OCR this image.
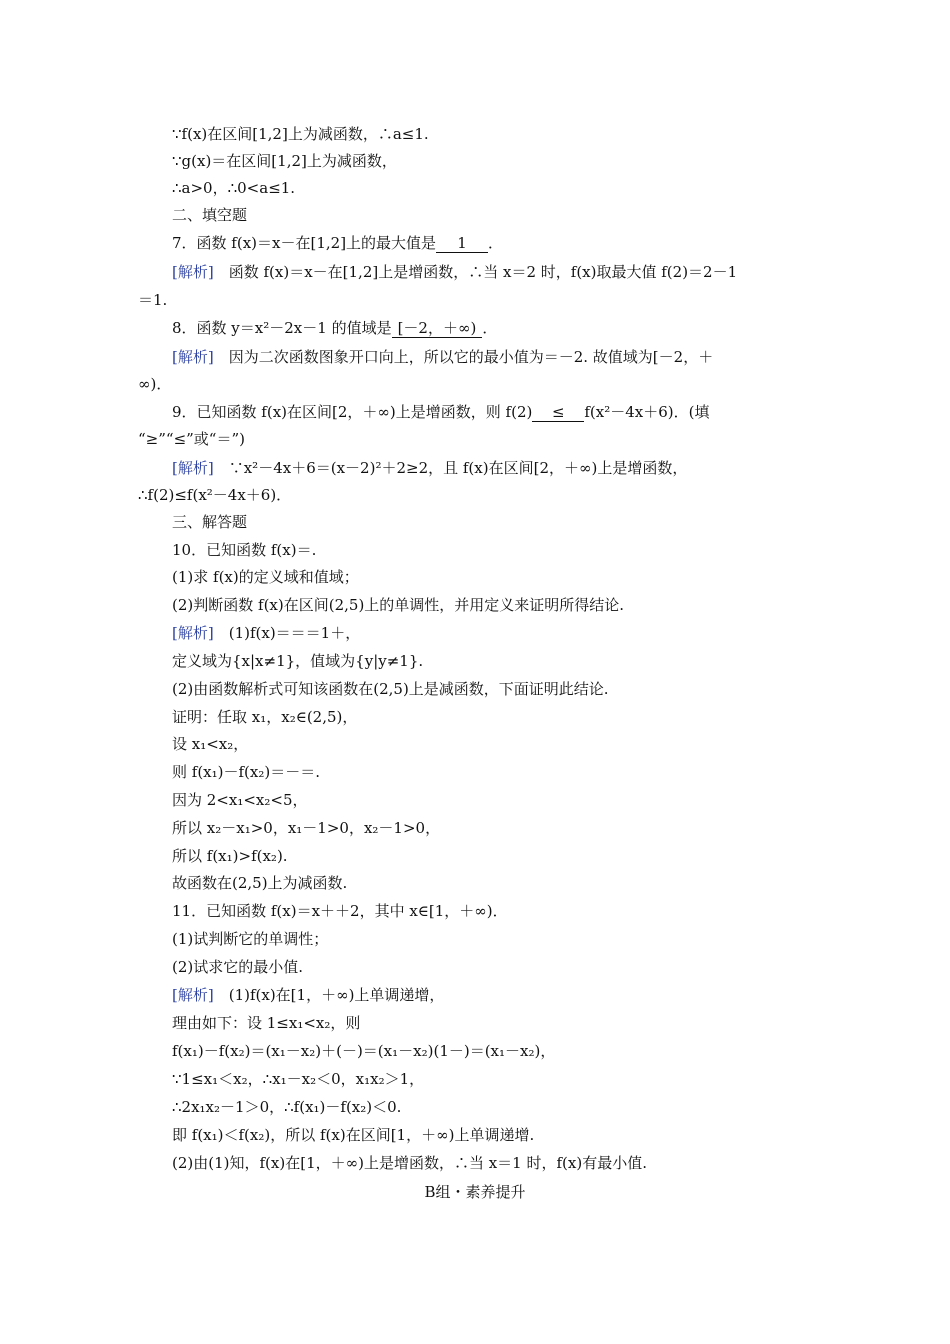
∵f(x)在区间[1,2]上为减函数，∴a≤1.
∵g(x)＝在区间[1,2]上为减函数，
∴a>0，∴0<a≤1.
二、填空题
7．函数 f(x)＝x－在[1,2]上的最大值是 1 ．
[解析]　函数 f(x)＝x－在[1,2]上是增函数，∴当 x＝2 时，f(x)取最大值 f(2)＝2－1
＝1.
8．函数 y＝x²－2x－1 的值域是 [－2，＋∞) ．
[解析]　因为二次函数图象开口向上，所以它的最小值为＝－2. 故值域为[－2，＋
∞)．
9．已知函数 f(x)在区间[2，＋∞)上是增函数，则 f(2) ≤ f(x²－4x＋6)．(填
“≥”“≤”或“＝”)
[解析]　∵x²－4x＋6＝(x－2)²＋2≥2，且 f(x)在区间[2，＋∞)上是增函数，
∴f(2)≤f(x²－4x＋6)．
三、解答题
10．已知函数 f(x)＝.
(1)求 f(x)的定义域和值域；
(2)判断函数 f(x)在区间(2,5)上的单调性，并用定义来证明所得结论.
[解析]　(1)f(x)＝＝＝1＋，
定义域为{x|x≠1}，值域为{y|y≠1}.
(2)由函数解析式可知该函数在(2,5)上是减函数，下面证明此结论.
证明：任取 x₁，x₂∈(2,5)，
设 x₁<x₂，
则 f(x₁)－f(x₂)＝－＝.
因为 2<x₁<x₂<5，
所以 x₂－x₁>0，x₁－1>0，x₂－1>0，
所以 f(x₁)>f(x₂).
故函数在(2,5)上为减函数.
11．已知函数 f(x)＝x＋＋2，其中 x∈[1，＋∞)．
(1)试判断它的单调性；
(2)试求它的最小值.
[解析]　(1)f(x)在[1，＋∞)上单调递增，
理由如下：设 1≤x₁<x₂，则
f(x₁)－f(x₂)＝(x₁－x₂)＋(－)＝(x₁－x₂)(1－)＝(x₁－x₂)，
∵1≤x₁＜x₂，∴x₁－x₂＜0，x₁x₂＞1，
∴2x₁x₂－1＞0，∴f(x₁)－f(x₂)＜0.
即 f(x₁)＜f(x₂)，所以 f(x)在区间[1，＋∞)上单调递增.
(2)由(1)知，f(x)在[1，＋∞)上是增函数，∴当 x＝1 时，f(x)有最小值.
B组・素养提升
